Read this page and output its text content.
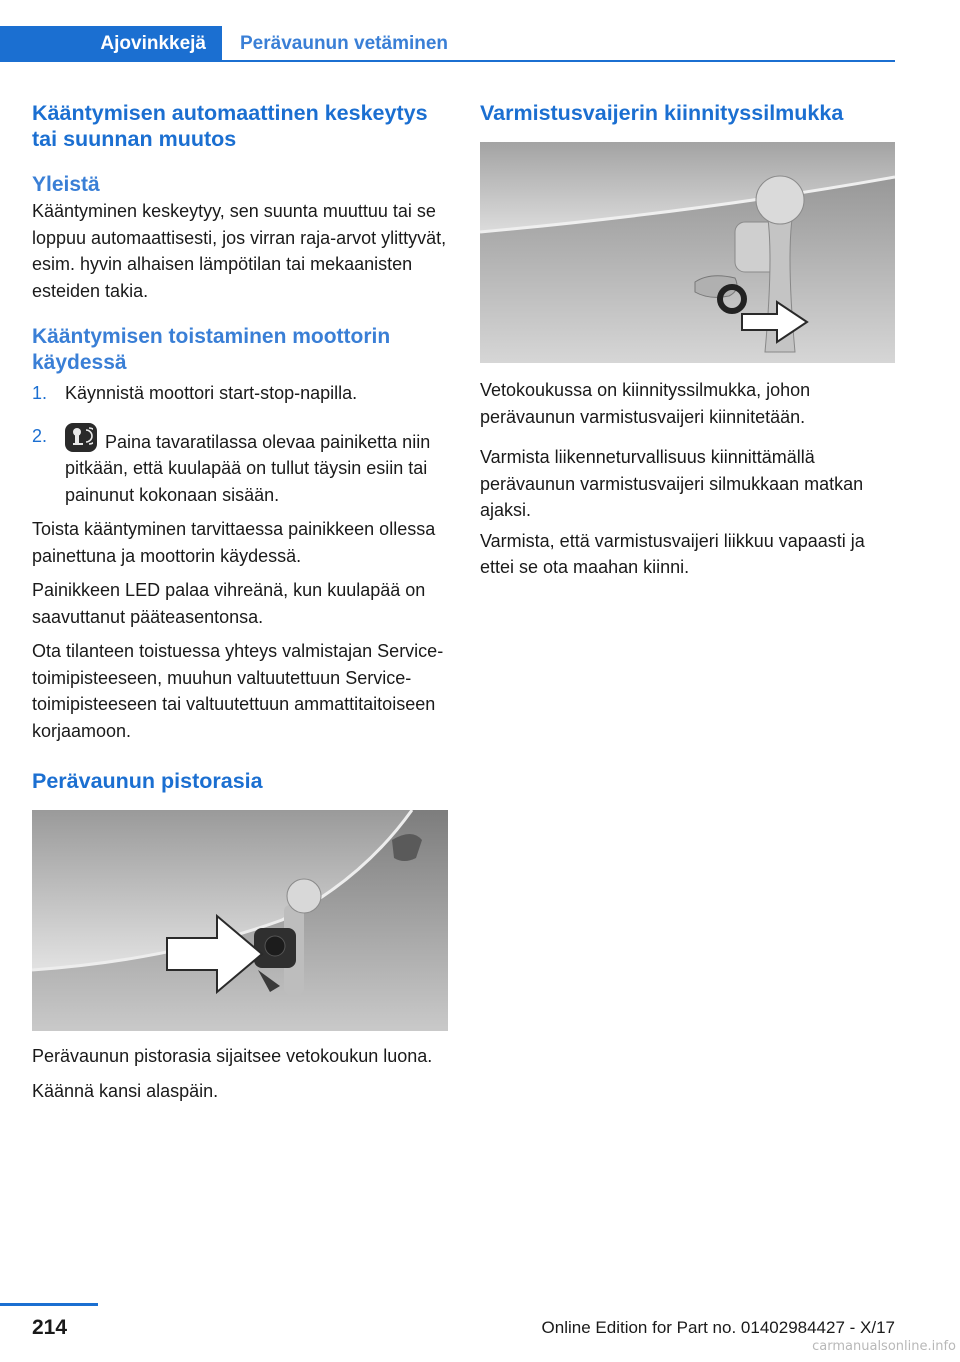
Ajovinkkejä	Perävaunun vetäminen
Kääntymisen automaattinen keskeytys tai suunnan muutos
Yleistä

Kääntyminen keskeytyy, sen suunta muuttuu tai se loppuu automaattisesti, jos virran raja-arvot ylittyvät, esim. hyvin alhaisen lämpötilan tai mekaanisten esteiden takia.

Kääntymisen toistaminen moottorin käydessä
1. Käynnistä moottori start-stop-napilla.
2.	Paina tavaratilassa olevaa painiketta niin pitkään, että kuulapää on tullut täysin esiin tai painunut kokonaan sisään.

Toista kääntyminen tarvittaessa painikkeen ollessa painettuna ja moottorin käydessä.

Painikkeen LED palaa vihreänä, kun kuulapää on saavuttanut pääteasentonsa.

Ota tilanteen toistuessa yhteys valmistajan Service-toimipisteeseen, muuhun valtuutettuun Service-toimipisteeseen tai valtuutettuun ammattitaitoiseen korjaamoon.

Perävaunun pistorasia

Perävaunun pistorasia sijaitsee vetokoukun luona.

Käännä kansi alaspäin.

Varmistusvaijerin kiinnityssilmukka

Vetokoukussa on kiinnityssilmukka, johon perävaunun varmistusvaijeri kiinnitetään.

Varmista liikenneturvallisuus kiinnittämällä perävaunun varmistusvaijeri silmukkaan matkan ajaksi.

Varmista, että varmistusvaijeri liikkuu vapaasti ja ettei se ota maahan kiinni.

214	Online Edition for Part no. 01402984427 - X/17
carmanualsonline.info
